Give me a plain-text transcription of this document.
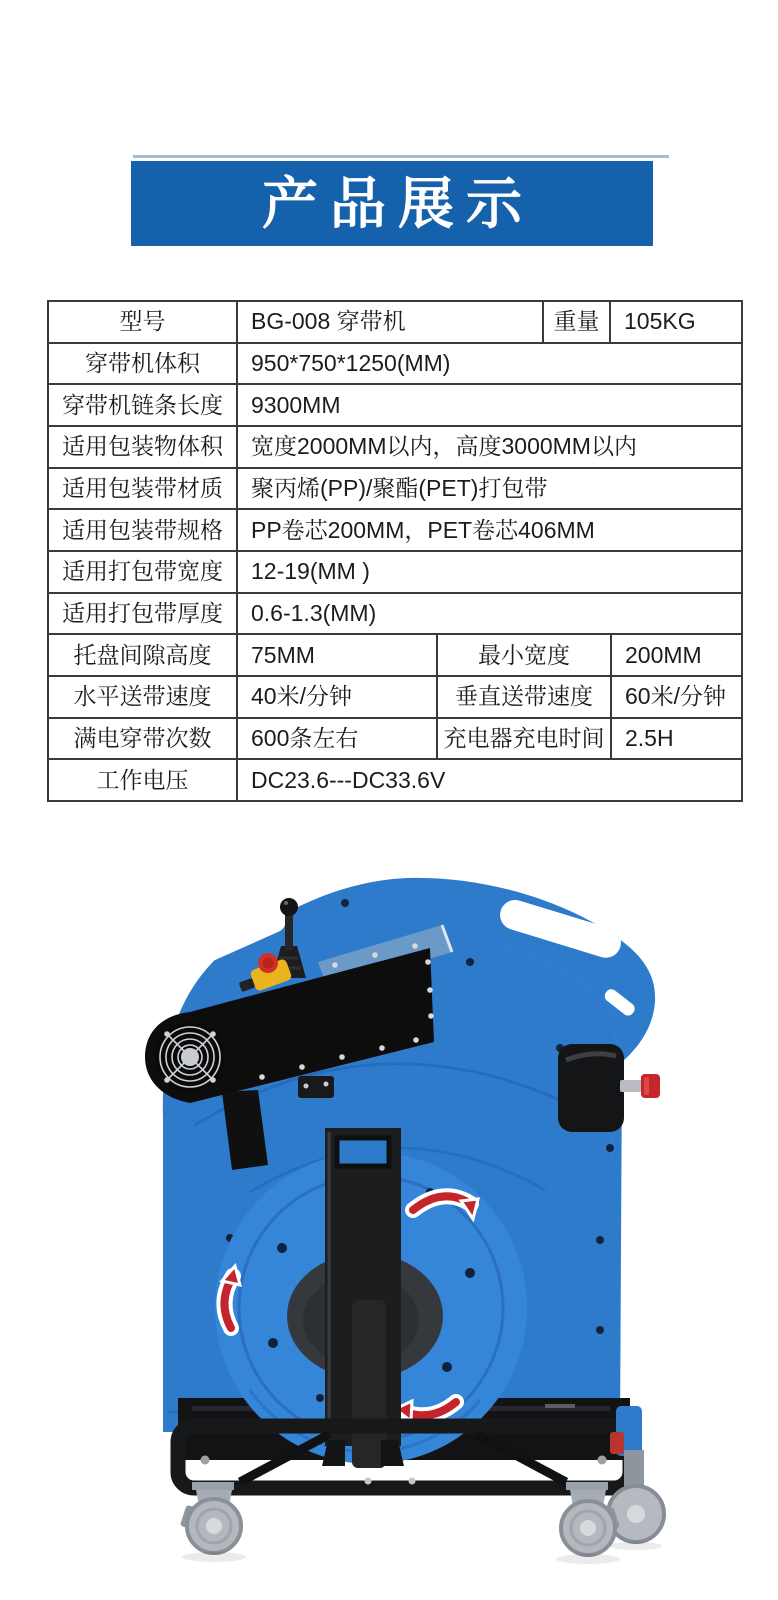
产品展示
型号	BG-008 穿带机	重量	105KG
穿带机体积	950*750*1250(MM)
穿带机链条长度	9300MM
适用包装物体积	宽度2000MM以内，高度3000MM以内
适用包装带材质	聚丙烯(PP)/聚酯(PET)打包带
适用包装带规格	PP卷芯200MM，PET卷芯406MM
适用打包带宽度	12-19(MM )
适用打包带厚度	0.6-1.3(MM)
托盘间隙高度	75MM	最小宽度	200MM
水平送带速度	40米/分钟	垂直送带速度	60米/分钟
满电穿带次数	600条左右	充电器充电时间 2.5H
工作电压	DC23.6---DC33.6V
